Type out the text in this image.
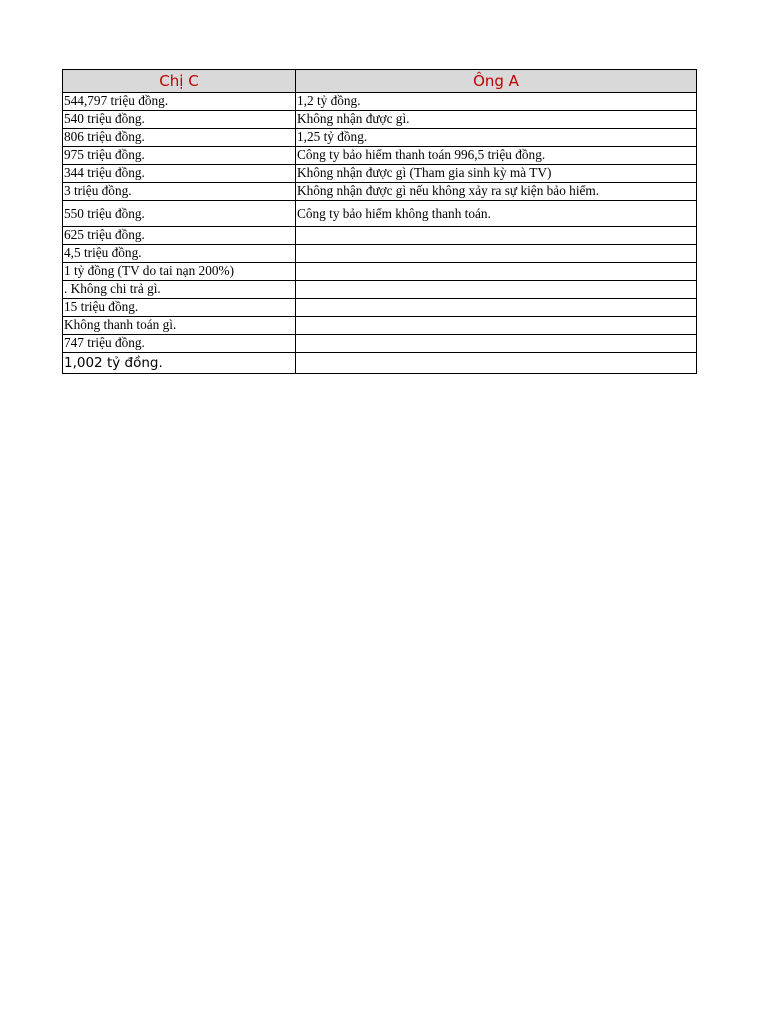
Chị C	Ông A
544,797 triệu đồng.	1,2 tỷ đồng.
540 triệu đồng.	Không nhận được gì.
806 triệu đồng.	1,25 tỷ đồng.
975 triệu đồng.	Công ty bảo hiểm thanh toán 996,5 triệu đồng.
344 triệu đồng.	Không nhận được gì (Tham gia sinh kỳ mà TV)
3 triệu đồng.	Không nhận được gì nếu không xảy ra sự kiện bảo hiểm.
550 triệu đồng.	Công ty bảo hiểm không thanh toán.
625 triệu đồng.	
4,5 triệu đồng.	
1 tỷ đồng (TV do tai nạn 200%)	
. Không chi trả gì.	
15 triệu đồng.	
Không thanh toán gì.	
747 triệu đồng.	
1,002 tỷ đồng.	
